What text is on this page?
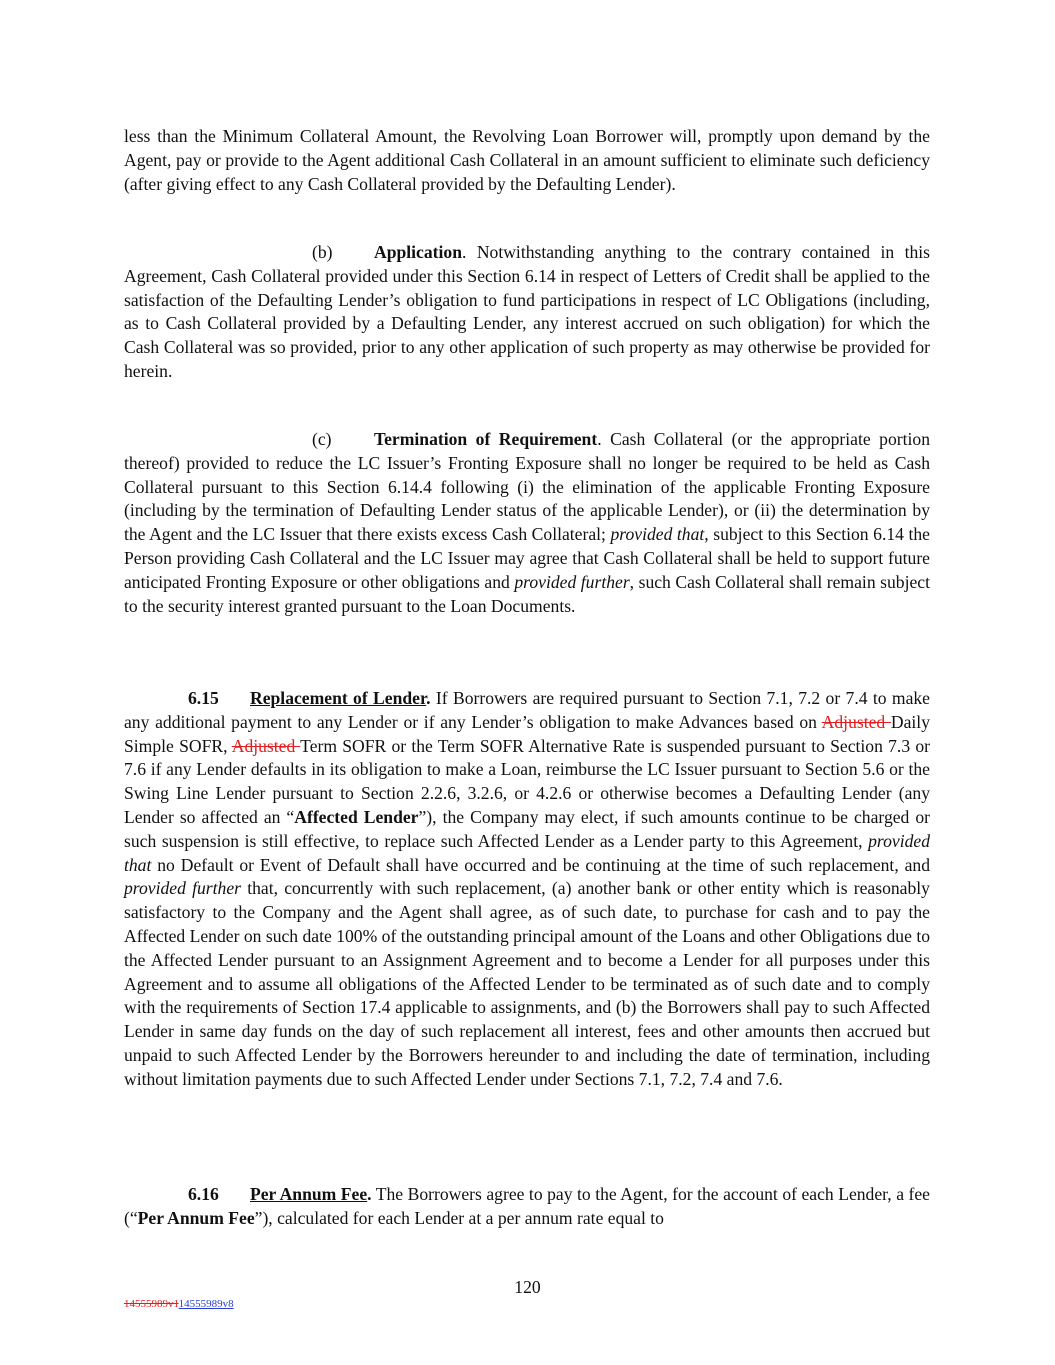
less than the Minimum Collateral Amount, the Revolving Loan Borrower will, promptly upon demand by the Agent, pay or provide to the Agent additional Cash Collateral in an amount sufficient to eliminate such deficiency (after giving effect to any Cash Collateral provided by the Defaulting Lender).

(b) Application. Notwithstanding anything to the contrary contained in this Agreement, Cash Collateral provided under this Section 6.14 in respect of Letters of Credit shall be applied to the satisfaction of the Defaulting Lender’s obligation to fund participations in respect of LC Obligations (including, as to Cash Collateral provided by a Defaulting Lender, any interest accrued on such obligation) for which the Cash Collateral was so provided, prior to any other application of such property as may otherwise be provided for herein.

(c) Termination of Requirement. Cash Collateral (or the appropriate portion thereof) provided to reduce the LC Issuer’s Fronting Exposure shall no longer be required to be held as Cash Collateral pursuant to this Section 6.14.4 following (i) the elimination of the applicable Fronting Exposure (including by the termination of Defaulting Lender status of the applicable Lender), or (ii) the determination by the Agent and the LC Issuer that there exists excess Cash Collateral; provided that, subject to this Section 6.14 the Person providing Cash Collateral and the LC Issuer may agree that Cash Collateral shall be held to support future anticipated Fronting Exposure or other obligations and provided further, such Cash Collateral shall remain subject to the security interest granted pursuant to the Loan Documents.

6.15 Replacement of Lender. If Borrowers are required pursuant to Section 7.1, 7.2 or 7.4 to make any additional payment to any Lender or if any Lender’s obligation to make Advances based on Adjusted Daily Simple SOFR, Adjusted Term SOFR or the Term SOFR Alternative Rate is suspended pursuant to Section 7.3 or 7.6 if any Lender defaults in its obligation to make a Loan, reimburse the LC Issuer pursuant to Section 5.6 or the Swing Line Lender pursuant to Section 2.2.6, 3.2.6, or 4.2.6 or otherwise becomes a Defaulting Lender (any Lender so affected an “Affected Lender”), the Company may elect, if such amounts continue to be charged or such suspension is still effective, to replace such Affected Lender as a Lender party to this Agreement, provided that no Default or Event of Default shall have occurred and be continuing at the time of such replacement, and provided further that, concurrently with such replacement, (a) another bank or other entity which is reasonably satisfactory to the Company and the Agent shall agree, as of such date, to purchase for cash and to pay the Affected Lender on such date 100% of the outstanding principal amount of the Loans and other Obligations due to the Affected Lender pursuant to an Assignment Agreement and to become a Lender for all purposes under this Agreement and to assume all obligations of the Affected Lender to be terminated as of such date and to comply with the requirements of Section 17.4 applicable to assignments, and (b) the Borrowers shall pay to such Affected Lender in same day funds on the day of such replacement all interest, fees and other amounts then accrued but unpaid to such Affected Lender by the Borrowers hereunder to and including the date of termination, including without limitation payments due to such Affected Lender under Sections 7.1, 7.2, 7.4 and 7.6.

6.16 Per Annum Fee. The Borrowers agree to pay to the Agent, for the account of each Lender, a fee (“Per Annum Fee”), calculated for each Lender at a per annum rate equal to

120
14555989v114555989v8
